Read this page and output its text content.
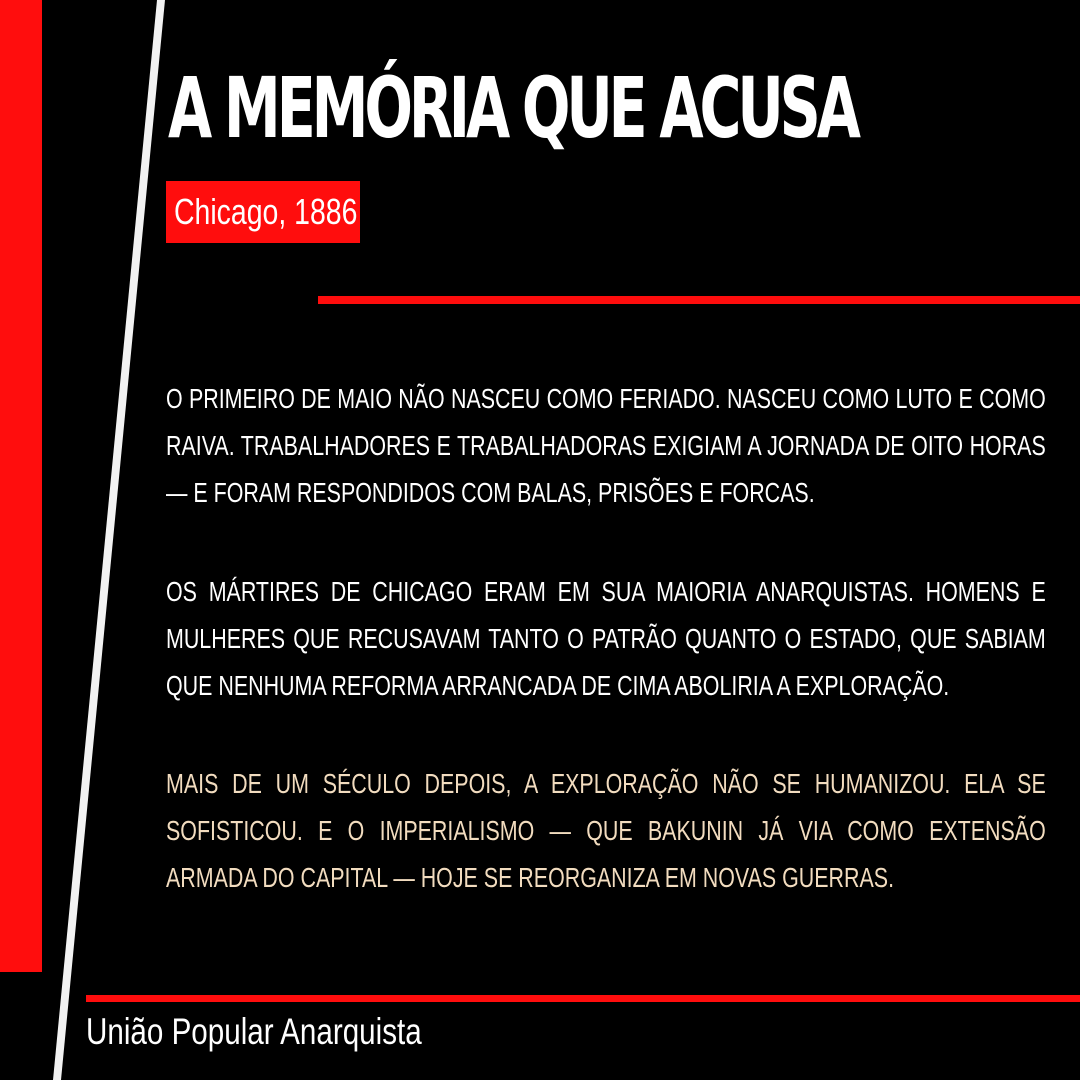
A MEMÓRIA QUE ACUSA
Chicago, 1886

O PRIMEIRO DE MAIO NÃO NASCEU COMO FERIADO. NASCEU COMO LUTO E COMO RAIVA. TRABALHADORES E TRABALHADORAS EXIGIAM A JORNADA DE OITO HORAS — E FORAM RESPONDIDOS COM BALAS, PRISÕES E FORCAS.

OS MÁRTIRES DE CHICAGO ERAM EM SUA MAIORIA ANARQUISTAS. HOMENS E MULHERES QUE RECUSAVAM TANTO O PATRÃO QUANTO O ESTADO, QUE SABIAM QUE NENHUMA REFORMA ARRANCADA DE CIMA ABOLIRIA A EXPLORAÇÃO.

MAIS DE UM SÉCULO DEPOIS, A EXPLORAÇÃO NÃO SE HUMANIZOU. ELA SE SOFISTICOU. E O IMPERIALISMO — QUE BAKUNIN JÁ VIA COMO EXTENSÃO ARMADA DO CAPITAL — HOJE SE REORGANIZA EM NOVAS GUERRAS.

União Popular Anarquista
